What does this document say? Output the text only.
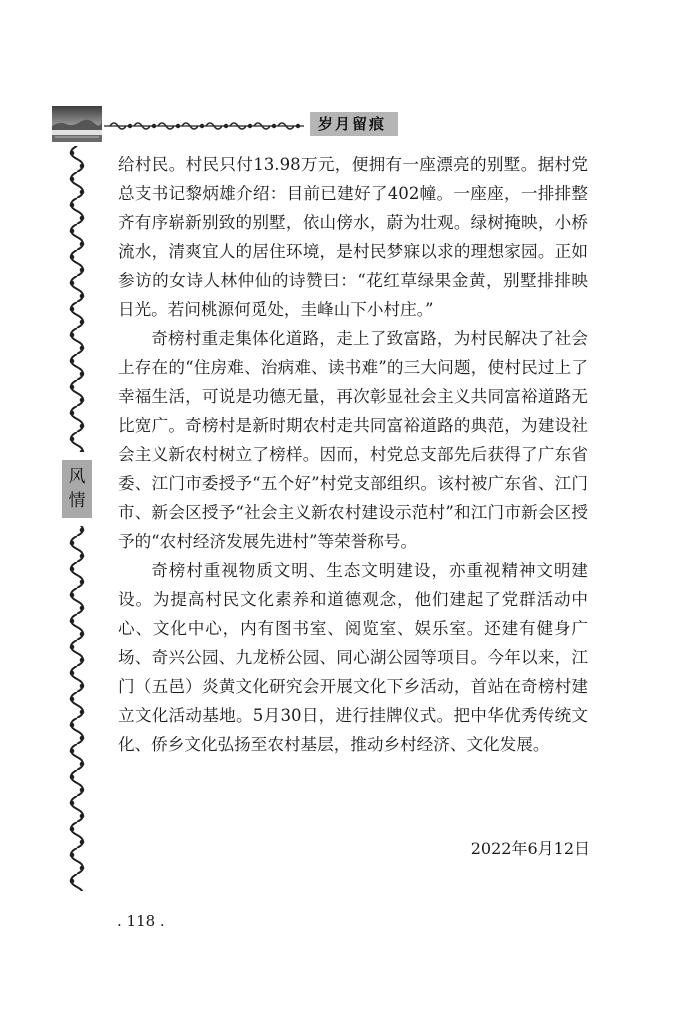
岁月留痕
风
情

给村民。村民只付13.98万元，便拥有一座漂亮的别墅。据村党总支书记黎炳雄介绍：目前已建好了402幢。一座座，一排排整齐有序崭新别致的别墅，依山傍水，蔚为壮观。绿树掩映，小桥流水，清爽宜人的居住环境，是村民梦寐以求的理想家园。正如参访的女诗人林仲仙的诗赞曰：“花红草绿果金黄，别墅排排映日光。若问桃源何觅处，圭峰山下小村庄。”

奇榜村重走集体化道路，走上了致富路，为村民解决了社会上存在的“住房难、治病难、读书难”的三大问题，使村民过上了幸福生活，可说是功德无量，再次彰显社会主义共同富裕道路无比宽广。奇榜村是新时期农村走共同富裕道路的典范，为建设社会主义新农村树立了榜样。因而，村党总支部先后获得了广东省委、江门市委授予“五个好”村党支部组织。该村被广东省、江门市、新会区授予“社会主义新农村建设示范村”和江门市新会区授予的“农村经济发展先进村”等荣誉称号。

奇榜村重视物质文明、生态文明建设，亦重视精神文明建设。为提高村民文化素养和道德观念，他们建起了党群活动中心、文化中心，内有图书室、阅览室、娱乐室。还建有健身广场、奇兴公园、九龙桥公园、同心湖公园等项目。今年以来，江门（五邑）炎黄文化研究会开展文化下乡活动，首站在奇榜村建立文化活动基地。5月30日，进行挂牌仪式。把中华优秀传统文化、侨乡文化弘扬至农村基层，推动乡村经济、文化发展。

2022年6月12日
. 118 .
